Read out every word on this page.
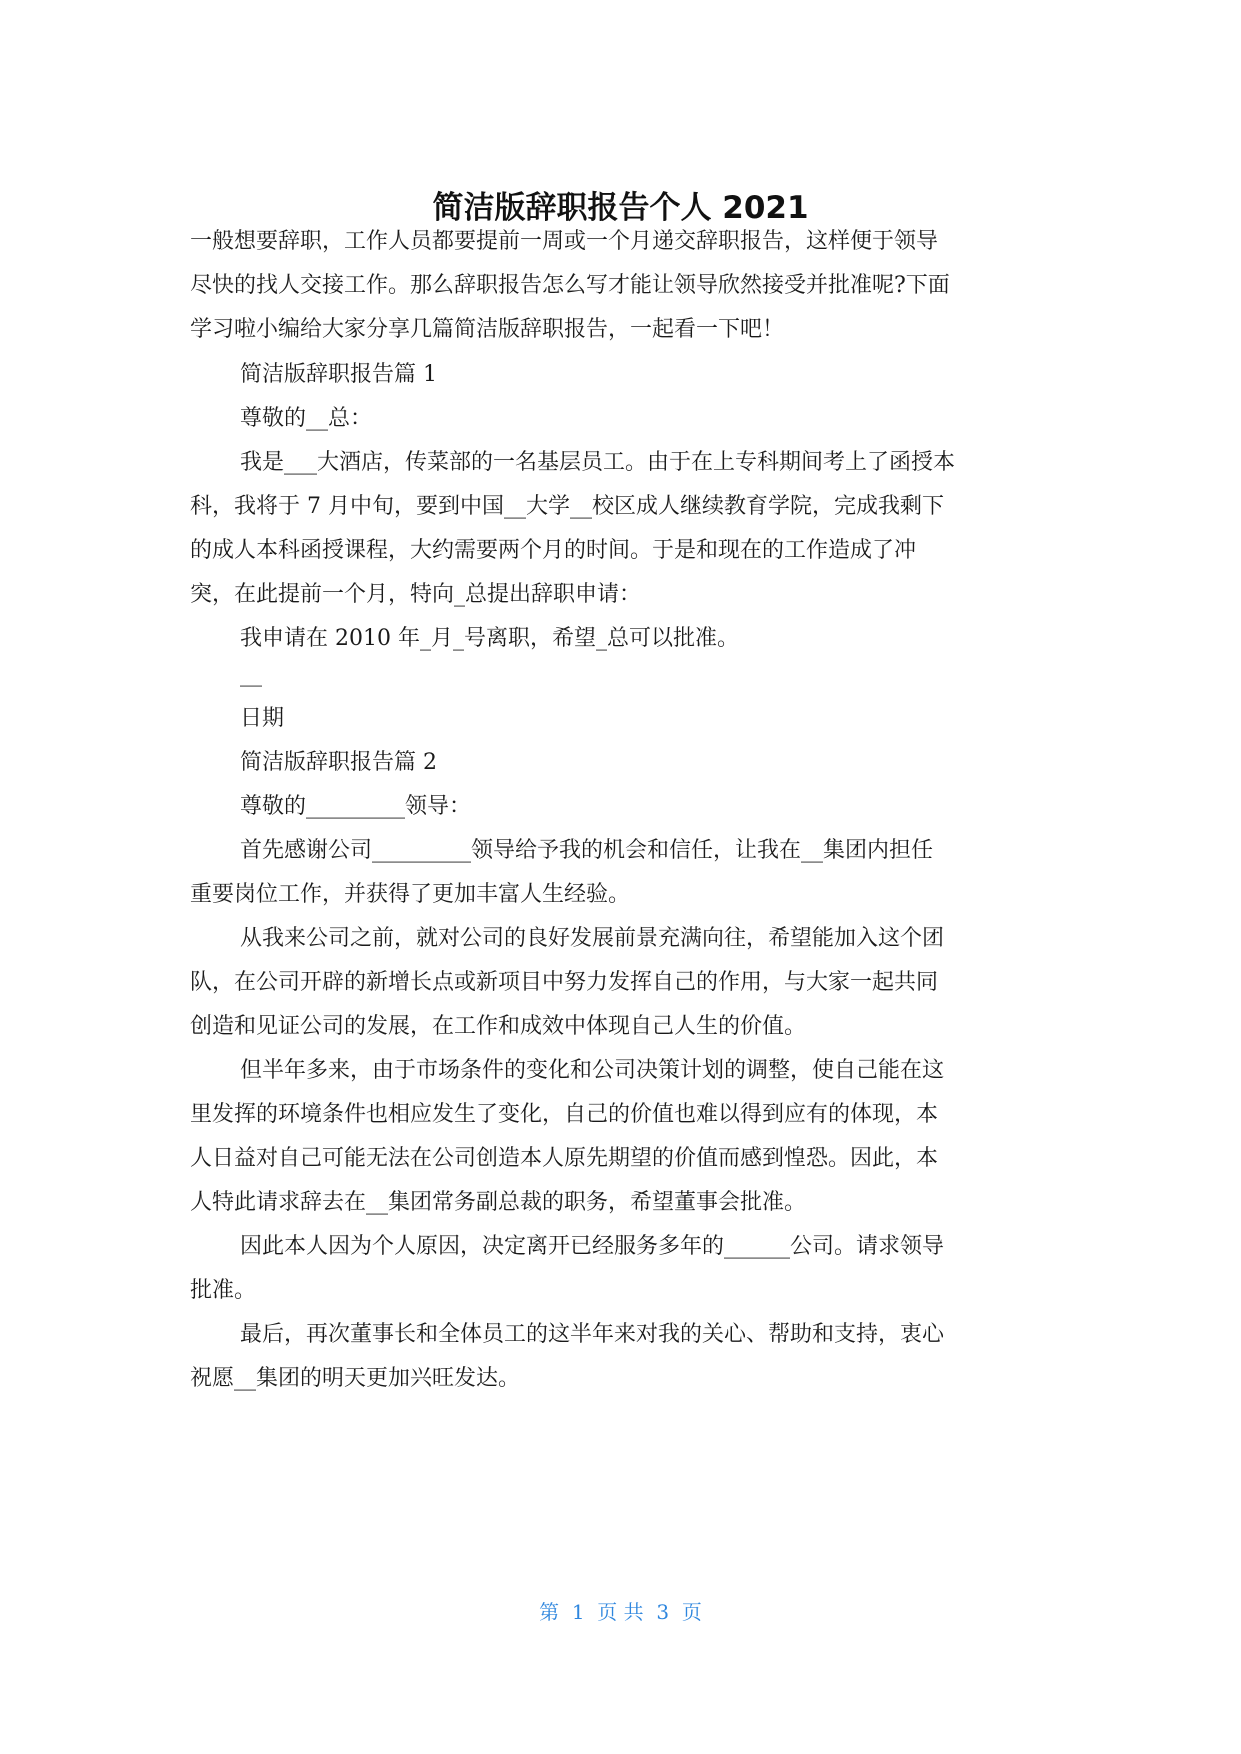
简洁版辞职报告个人 2021
一般想要辞职，工作人员都要提前一周或一个月递交辞职报告，这样便于领导
尽快的找人交接工作。那么辞职报告怎么写才能让领导欣然接受并批准呢?下面
学习啦小编给大家分享几篇简洁版辞职报告，一起看一下吧！
简洁版辞职报告篇 1
尊敬的__总：
我是___大酒店，传菜部的一名基层员工。由于在上专科期间考上了函授本
科，我将于 7 月中旬，要到中国__大学__校区成人继续教育学院，完成我剩下
的成人本科函授课程，大约需要两个月的时间。于是和现在的工作造成了冲
突，在此提前一个月，特向_总提出辞职申请：
我申请在 2010 年_月_号离职，希望_总可以批准。
__
日期
简洁版辞职报告篇 2
尊敬的_________领导：
首先感谢公司_________领导给予我的机会和信任，让我在__集团内担任
重要岗位工作，并获得了更加丰富人生经验。
从我来公司之前，就对公司的良好发展前景充满向往，希望能加入这个团
队，在公司开辟的新增长点或新项目中努力发挥自己的作用，与大家一起共同
创造和见证公司的发展，在工作和成效中体现自己人生的价值。
但半年多来，由于市场条件的变化和公司决策计划的调整，使自己能在这
里发挥的环境条件也相应发生了变化，自己的价值也难以得到应有的体现，本
人日益对自己可能无法在公司创造本人原先期望的价值而感到惶恐。因此，本
人特此请求辞去在__集团常务副总裁的职务，希望董事会批准。
因此本人因为个人原因，决定离开已经服务多年的______公司。请求领导
批准。
最后，再次董事长和全体员工的这半年来对我的关心、帮助和支持，衷心
祝愿__集团的明天更加兴旺发达。
第  1  页 共  3  页
